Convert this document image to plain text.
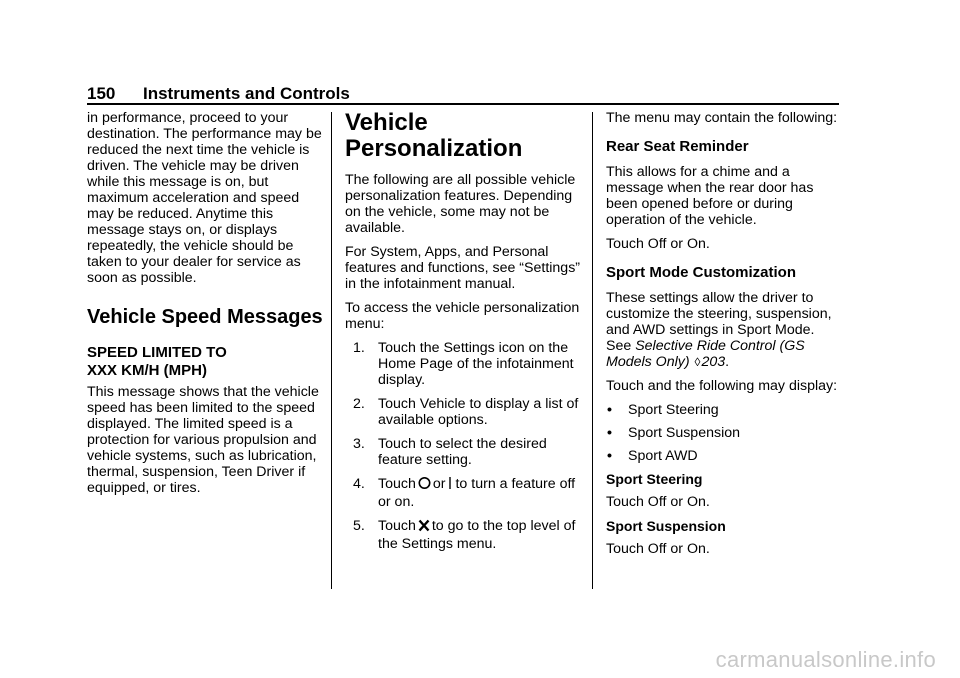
150 Instruments and Controls

in performance, proceed to your destination. The performance may be reduced the next time the vehicle is driven. The vehicle may be driven while this message is on, but maximum acceleration and speed may be reduced. Anytime this message stays on, or displays repeatedly, the vehicle should be taken to your dealer for service as soon as possible.

Vehicle Speed Messages
SPEED LIMITED TO
XXX KM/H (MPH)

This message shows that the vehicle speed has been limited to the speed displayed. The limited speed is a protection for various propulsion and vehicle systems, such as lubrication, thermal, suspension, Teen Driver if equipped, or tires.

Vehicle
Personalization

The following are all possible vehicle personalization features. Depending on the vehicle, some may not be available.

For System, Apps, and Personal features and functions, see “Settings” in the infotainment manual.

To access the vehicle personalization menu:

1. Touch the Settings icon on the Home Page of the infotainment display.
2. Touch Vehicle to display a list of available options.
3. Touch to select the desired feature setting.
4. Touch or to turn a feature off or on.
5. Touch to go to the top level of the Settings menu.

The menu may contain the following:

Rear Seat Reminder

This allows for a chime and a message when the rear door has been opened before or during operation of the vehicle.

Touch Off or On.

Sport Mode Customization

These settings allow the driver to customize the steering, suspension, and AWD settings in Sport Mode. See Selective Ride Control (GS Models Only) ◊203.

Touch and the following may display:

• Sport Steering
• Sport Suspension
• Sport AWD
Sport Steering

Touch Off or On.

Sport Suspension

Touch Off or On.

carmanualsonline.info
